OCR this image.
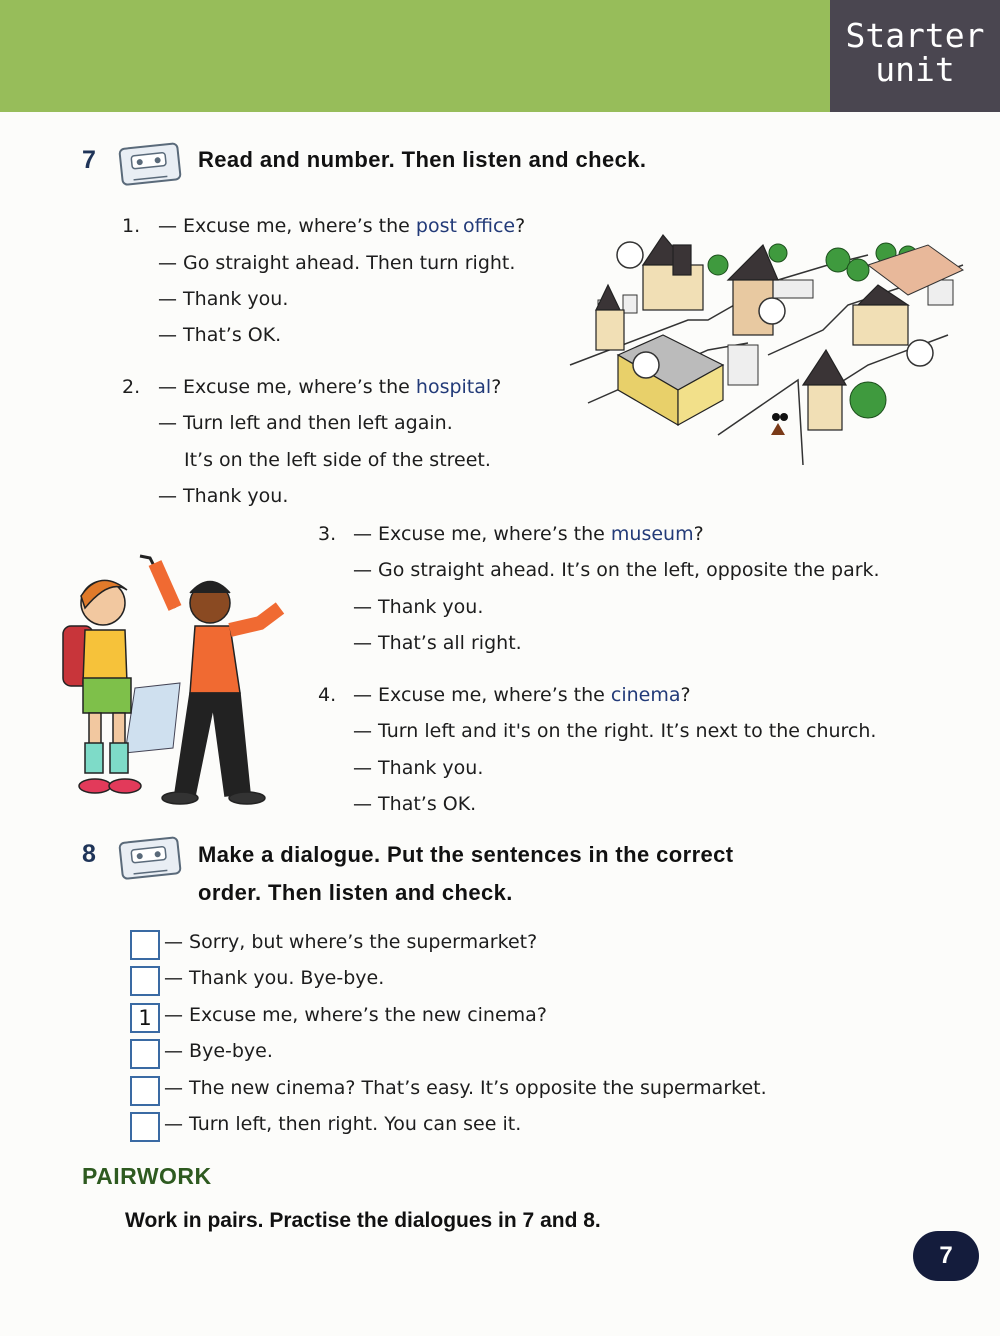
Starter
unit
7	Read and number. Then listen and check.
1. — Excuse me, where’s the post office?
— Go straight ahead. Then turn right.
— Thank you.
— That’s OK.
2. — Excuse me, where’s the hospital?
— Turn left and then left again.
It’s on the left side of the street.
— Thank you.
3. — Excuse me, where’s the museum?
— Go straight ahead. It’s on the left, opposite the park.
— Thank you.
— That’s all right.
4. — Excuse me, where’s the cinema?
— Turn left and it's on the right. It’s next to the church.
— Thank you.
— That’s OK.
8	Make a dialogue. Put the sentences in the correct
order. Then listen and check.
— Sorry, but where’s the supermarket?
— Thank you. Bye-bye.
1 — Excuse me, where’s the new cinema?
— Bye-bye.
— The new cinema? That’s easy. It’s opposite the supermarket.
— Turn left, then right. You can see it.
PAIRWORK
Work in pairs. Practise the dialogues in 7 and 8.
7
